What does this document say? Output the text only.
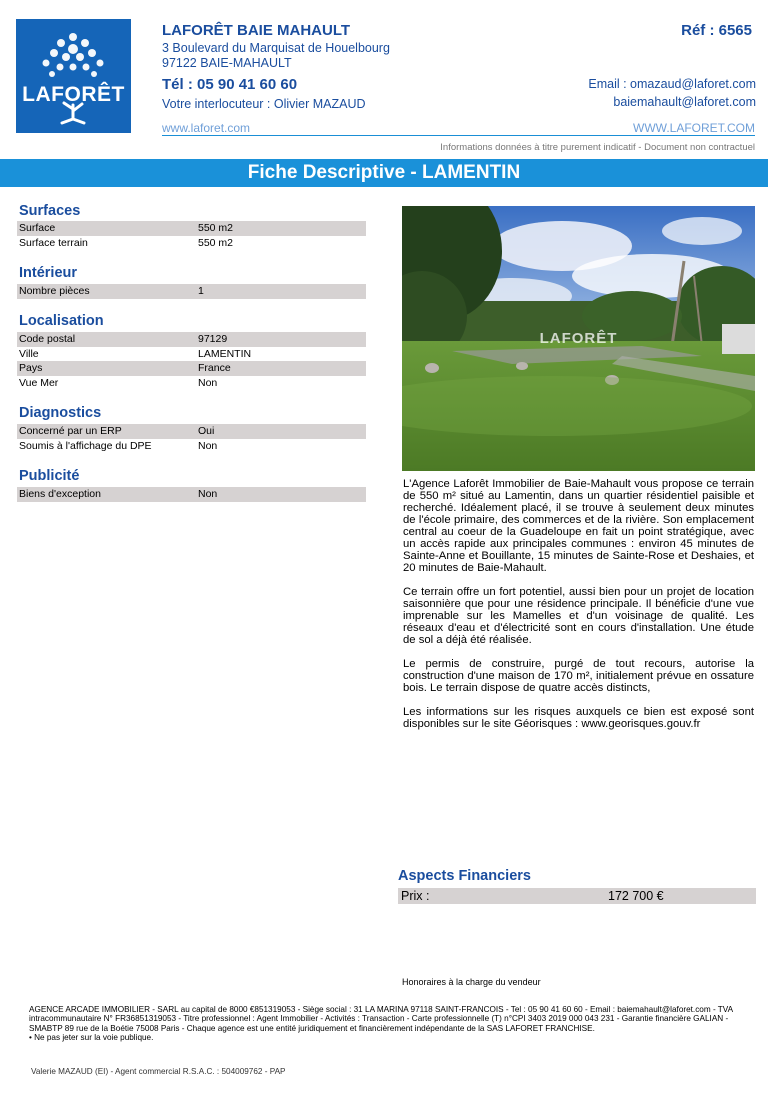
LAFORÊT
LAFORÊT BAIE MAHAULT
3 Boulevard du Marquisat de Houelbourg
97122 BAIE-MAHAULT
Tél : 05 90 41 60 60
Votre interlocuteur : Olivier MAZAUD
Réf : 6565
Email : omazaud@laforet.com
baiemahault@laforet.com
www.laforet.com	WWW.LAFORET.COM
Informations données à titre purement indicatif - Document non contractuel
Fiche Descriptive - LAMENTIN
Surfaces
Surface	550 m2
Surface terrain	550 m2
Intérieur
Nombre pièces	1
Localisation
Code postal	97129
Ville	LAMENTIN
Pays	France
Vue Mer	Non
Diagnostics
Concerné par un ERP	Oui
Soumis à l'affichage du DPE	Non
Publicité
Biens d'exception	Non
LAFORÊT

L'Agence Laforêt Immobilier de Baie-Mahault vous propose ce terrain de 550 m² situé au Lamentin, dans un quartier résidentiel paisible et recherché. Idéalement placé, il se trouve à seulement deux minutes de l'école primaire, des commerces et de la rivière. Son emplacement central au coeur de la Guadeloupe en fait un point stratégique, avec un accès rapide aux principales communes : environ 45 minutes de Sainte-Anne et Bouillante, 15 minutes de Sainte-Rose et Deshaies, et 20 minutes de Baie-Mahault.

Ce terrain offre un fort potentiel, aussi bien pour un projet de location saisonnière que pour une résidence principale. Il bénéficie d'une vue imprenable sur les Mamelles et d'un voisinage de qualité. Les réseaux d'eau et d'électricité sont en cours d'installation. Une étude de sol a déjà été réalisée.

Le permis de construire, purgé de tout recours, autorise la construction d'une maison de 170 m², initialement prévue en ossature bois. Le terrain dispose de quatre accès distincts,

Les informations sur les risques auxquels ce bien est exposé sont disponibles sur le site Géorisques : www.georisques.gouv.fr

Aspects Financiers
Prix :	172 700 €
Honoraires à la charge du vendeur
AGENCE ARCADE IMMOBILIER - SARL au capital de 8000 €851319053 - Siège social : 31 LA MARINA 97118 SAINT-FRANCOIS - Tel : 05 90 41 60 60 - Email : baiemahault@laforet.com - TVA intracommunautaire N° FR36851319053 - Titre professionnel : Agent Immobilier - Activités : Transaction - Carte professionnelle (T) n°CPI 3403 2019 000 043 231 - Garantie financière GALIAN - SMABTP 89 rue de la Boétie 75008 Paris - Chaque agence est une entité juridiquement et financièrement indépendante de la SAS LAFORET FRANCHISE.
• Ne pas jeter sur la voie publique.
Valerie MAZAUD (EI) - Agent commercial R.S.A.C. : 504009762 - PAP
